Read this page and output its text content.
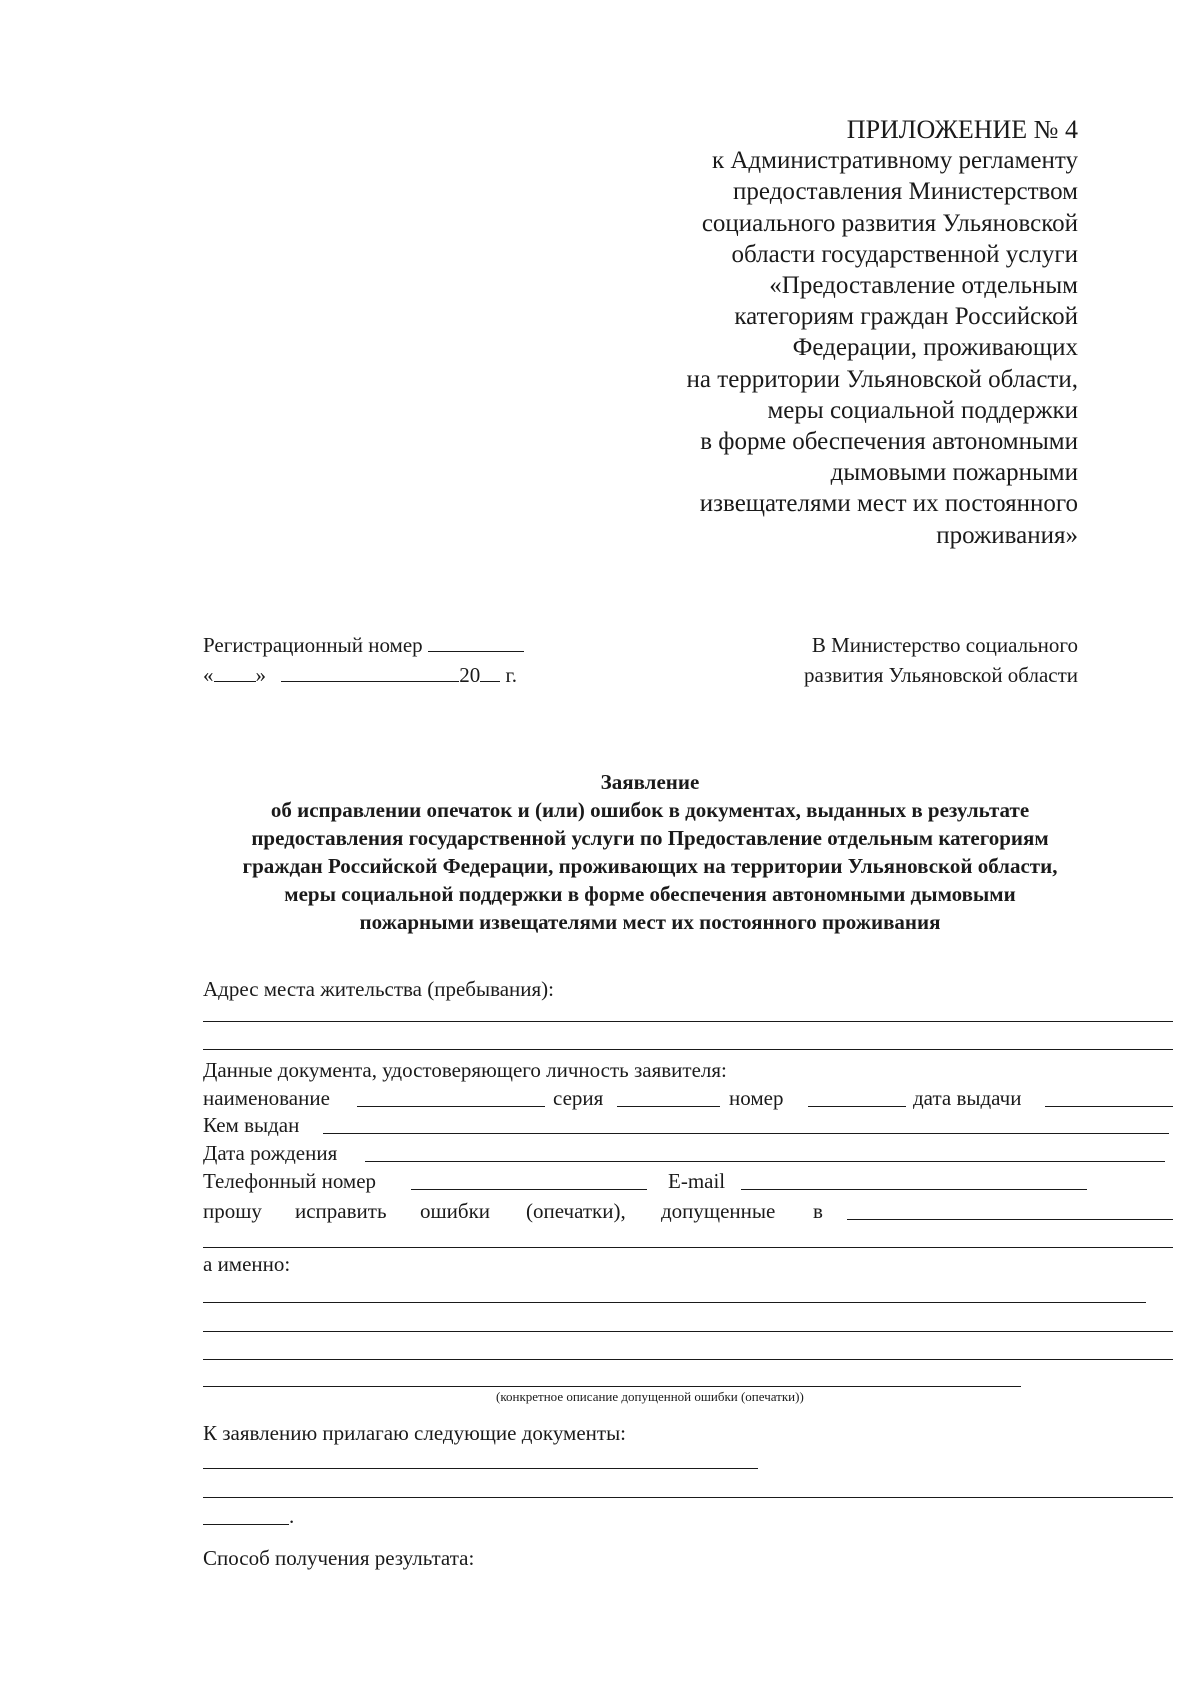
ПРИЛОЖЕНИЕ № 4
к Административному регламенту
предоставления Министерством
социального развития Ульяновской
области государственной услуги
«Предоставление отдельным
категориям граждан Российской
Федерации, проживающих
на территории Ульяновской области,
меры социальной поддержки
в форме обеспечения автономными
дымовыми пожарными
извещателями мест их постоянного
проживания»
Регистрационный номер
« »	20 г.
В Министерство социального
развития Ульяновской области
Заявление
об исправлении опечаток и (или) ошибок в документах, выданных в результате
предоставления государственной услуги по Предоставление отдельным категориям
граждан Российской Федерации, проживающих на территории Ульяновской области,
меры социальной поддержки в форме обеспечения автономными дымовыми
пожарными извещателями мест их постоянного проживания
Адрес места жительства (пребывания):
Данные документа, удостоверяющего личность заявителя:
наименование	серия	номер	дата выдачи
Кем выдан
Дата рождения
Телефонный номер	E-mail
прошу исправить ошибки (опечатки), допущенные в
а именно:
(конкретное описание допущенной ошибки (опечатки))
К заявлению прилагаю следующие документы:
.
Способ получения результата:
